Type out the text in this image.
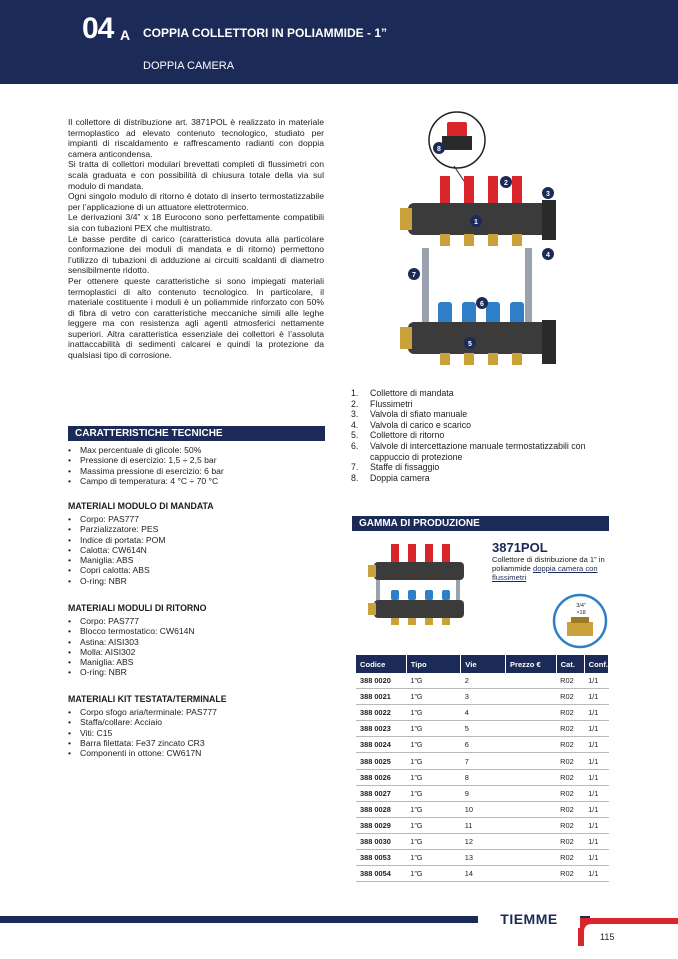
04 A COPPIA COLLETTORI IN POLIAMMIDE - 1”
DOPPIA CAMERA

Il collettore di distribuzione art. 3871POL è realizzato in materiale termoplastico ad elevato contenuto tecnologico, studiato per impianti di riscaldamento e raffrescamento radianti con doppia camera anticondensa.

Si tratta di collettori modulari brevettati completi di flussimetri con scala graduata e con possibilità di chiusura totale della via sul modulo di mandata.

Ogni singolo modulo di ritorno è dotato di inserto termostatizzabile per l’applicazione di un attuatore elettrotermico.

Le derivazioni 3/4” x 18 Eurocono sono perfettamente compatibili sia con tubazioni PEX che multistrato.

Le basse perdite di carico (caratteristica dovuta alla particolare conformazione dei moduli di mandata e di ritorno) permettono l’utilizzo di tubazioni di adduzione ai circuiti scaldanti di diametro sensibilmente ridotto.

Per ottenere queste caratteristiche si sono impiegati materiali termoplastici di alto contenuto tecnologico. In particolare, il materiale costituente i moduli è un poliammide rinforzato con 50% di fibra di vetro con caratteristiche meccaniche simili alle leghe leggere ma con resistenza agli agenti atmosferici nettamente superiori. Altra caratteristica essenziale dei collettori è l’assoluta inattaccabilità di sedimenti calcarei e quindi la protezione da qualsiasi tipo di corrosione.

CARATTERISTICHE TECNICHE
• Max percentuale di glicole: 50%
• Pressione di esercizio: 1,5 ÷ 2,5 bar
• Massima pressione di esercizio: 6 bar
• Campo di temperatura: 4 °C ÷ 70 °C
MATERIALI MODULO DI MANDATA
• Corpo: PAS777
• Parzializzatore: PES
• Indice di portata: POM
• Calotta: CW614N
• Maniglia: ABS
• Copri calotta: ABS
• O-ring: NBR
MATERIALI MODULI DI RITORNO
• Corpo: PAS777
• Blocco termostatico: CW614N
• Astina: AISI303
• Molla: AISI302
• Maniglia: ABS
• O-ring: NBR
MATERIALI KIT TESTATA/TERMINALE
• Corpo sfogo aria/terminale: PAS777
• Staffa/collare: Acciaio
• Viti: C15
• Barra filettata: Fe37 zincato CR3
• Componenti in ottone: CW617N
8
2
3
1
4
7
6
5
1. Collettore di mandata
2. Flussimetri
3. Valvola di sfiato manuale
4. Valvola di carico e scarico
5. Collettore di ritorno
6. Valvole di intercettazione manuale termostatizzabili con cappuccio di protezione
7. Staffe di fissaggio
8. Doppia camera
GAMMA DI PRODUZIONE
3871POL
Collettore di distribuzione da 1” in poliammide doppia camera con flussimetri
3/4”
×18
Codice	Tipo	Vie	Prezzo €	Cat.	Conf.
388 0020	1”G	2		R02	1/1
388 0021	1”G	3		R02	1/1
388 0022	1”G	4		R02	1/1
388 0023	1”G	5		R02	1/1
388 0024	1”G	6		R02	1/1
388 0025	1”G	7		R02	1/1
388 0026	1”G	8		R02	1/1
388 0027	1”G	9		R02	1/1
388 0028	1”G	10		R02	1/1
388 0029	1”G	11		R02	1/1
388 0030	1”G	12		R02	1/1
388 0053	1”G	13		R02	1/1
388 0054	1”G	14		R02	1/1
TIEMME
115
